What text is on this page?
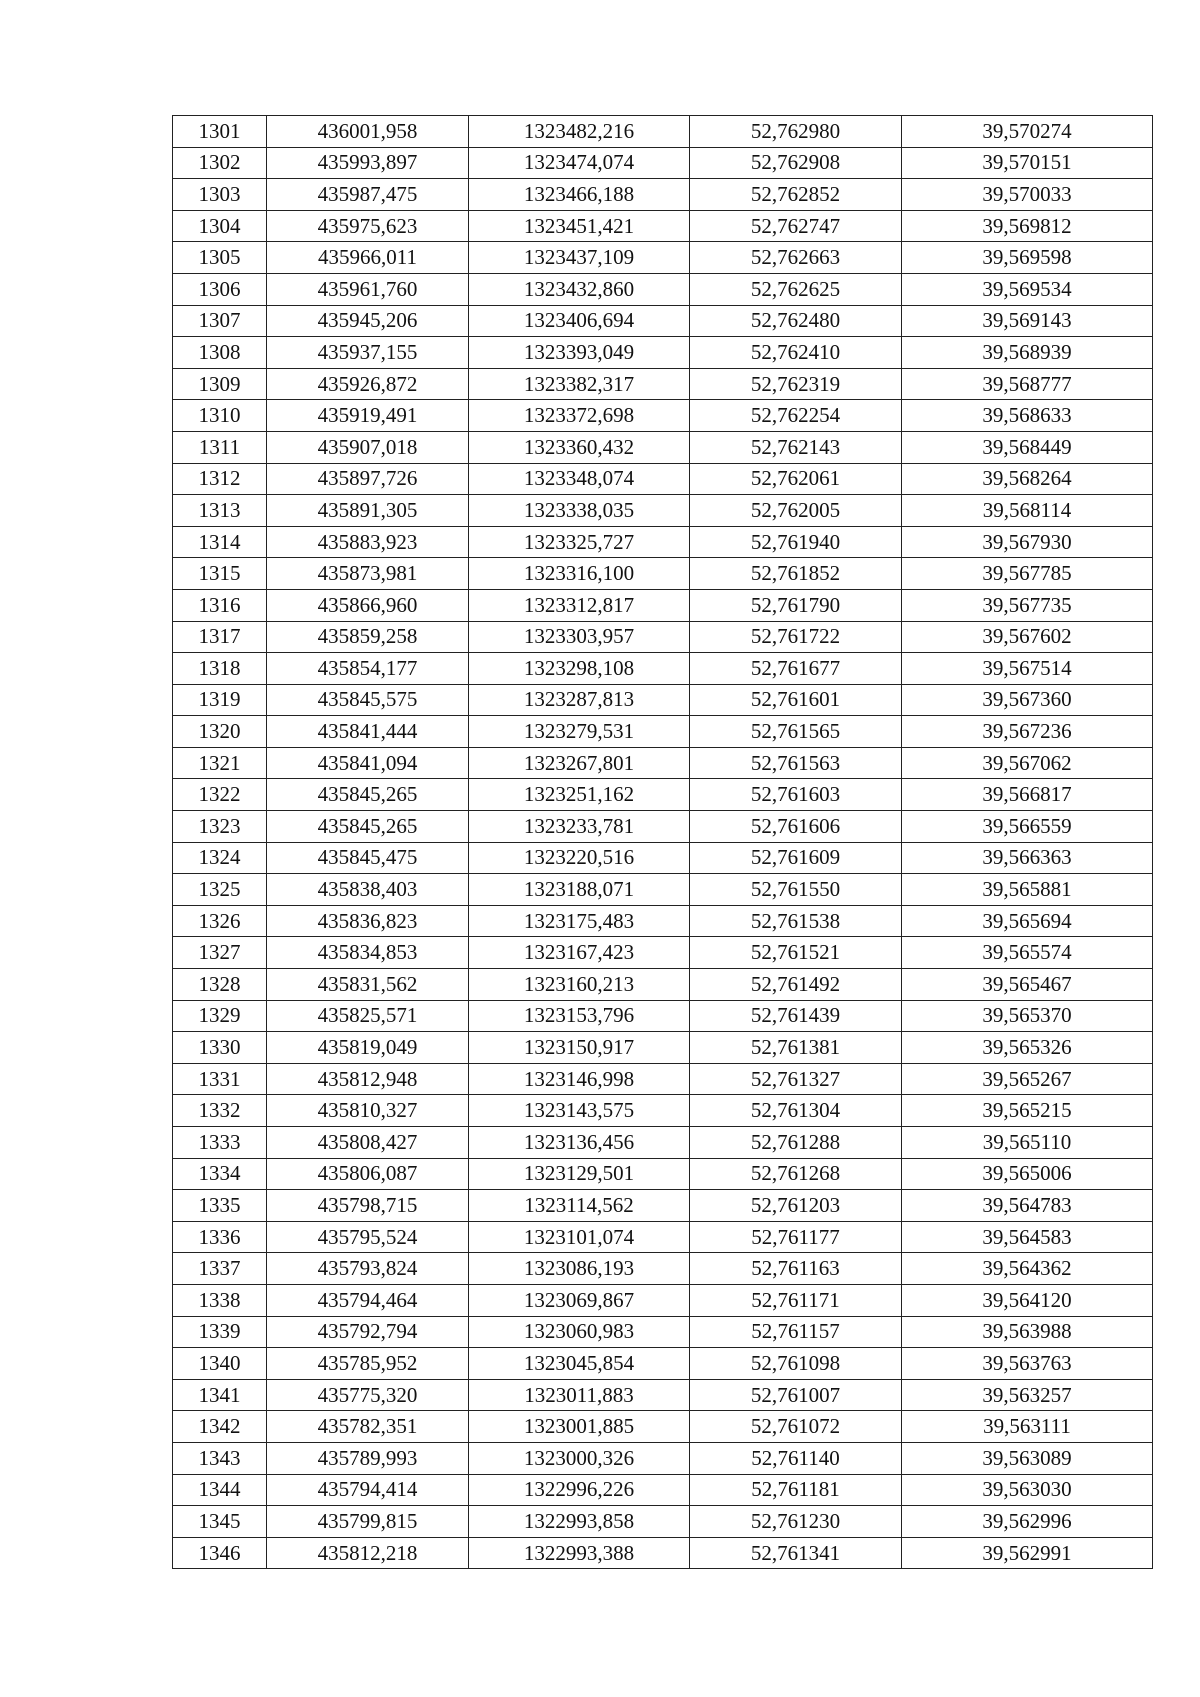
1301	436001,958	1323482,216	52,762980	39,570274
1302	435993,897	1323474,074	52,762908	39,570151
1303	435987,475	1323466,188	52,762852	39,570033
1304	435975,623	1323451,421	52,762747	39,569812
1305	435966,011	1323437,109	52,762663	39,569598
1306	435961,760	1323432,860	52,762625	39,569534
1307	435945,206	1323406,694	52,762480	39,569143
1308	435937,155	1323393,049	52,762410	39,568939
1309	435926,872	1323382,317	52,762319	39,568777
1310	435919,491	1323372,698	52,762254	39,568633
1311	435907,018	1323360,432	52,762143	39,568449
1312	435897,726	1323348,074	52,762061	39,568264
1313	435891,305	1323338,035	52,762005	39,568114
1314	435883,923	1323325,727	52,761940	39,567930
1315	435873,981	1323316,100	52,761852	39,567785
1316	435866,960	1323312,817	52,761790	39,567735
1317	435859,258	1323303,957	52,761722	39,567602
1318	435854,177	1323298,108	52,761677	39,567514
1319	435845,575	1323287,813	52,761601	39,567360
1320	435841,444	1323279,531	52,761565	39,567236
1321	435841,094	1323267,801	52,761563	39,567062
1322	435845,265	1323251,162	52,761603	39,566817
1323	435845,265	1323233,781	52,761606	39,566559
1324	435845,475	1323220,516	52,761609	39,566363
1325	435838,403	1323188,071	52,761550	39,565881
1326	435836,823	1323175,483	52,761538	39,565694
1327	435834,853	1323167,423	52,761521	39,565574
1328	435831,562	1323160,213	52,761492	39,565467
1329	435825,571	1323153,796	52,761439	39,565370
1330	435819,049	1323150,917	52,761381	39,565326
1331	435812,948	1323146,998	52,761327	39,565267
1332	435810,327	1323143,575	52,761304	39,565215
1333	435808,427	1323136,456	52,761288	39,565110
1334	435806,087	1323129,501	52,761268	39,565006
1335	435798,715	1323114,562	52,761203	39,564783
1336	435795,524	1323101,074	52,761177	39,564583
1337	435793,824	1323086,193	52,761163	39,564362
1338	435794,464	1323069,867	52,761171	39,564120
1339	435792,794	1323060,983	52,761157	39,563988
1340	435785,952	1323045,854	52,761098	39,563763
1341	435775,320	1323011,883	52,761007	39,563257
1342	435782,351	1323001,885	52,761072	39,563111
1343	435789,993	1323000,326	52,761140	39,563089
1344	435794,414	1322996,226	52,761181	39,563030
1345	435799,815	1322993,858	52,761230	39,562996
1346	435812,218	1322993,388	52,761341	39,562991
